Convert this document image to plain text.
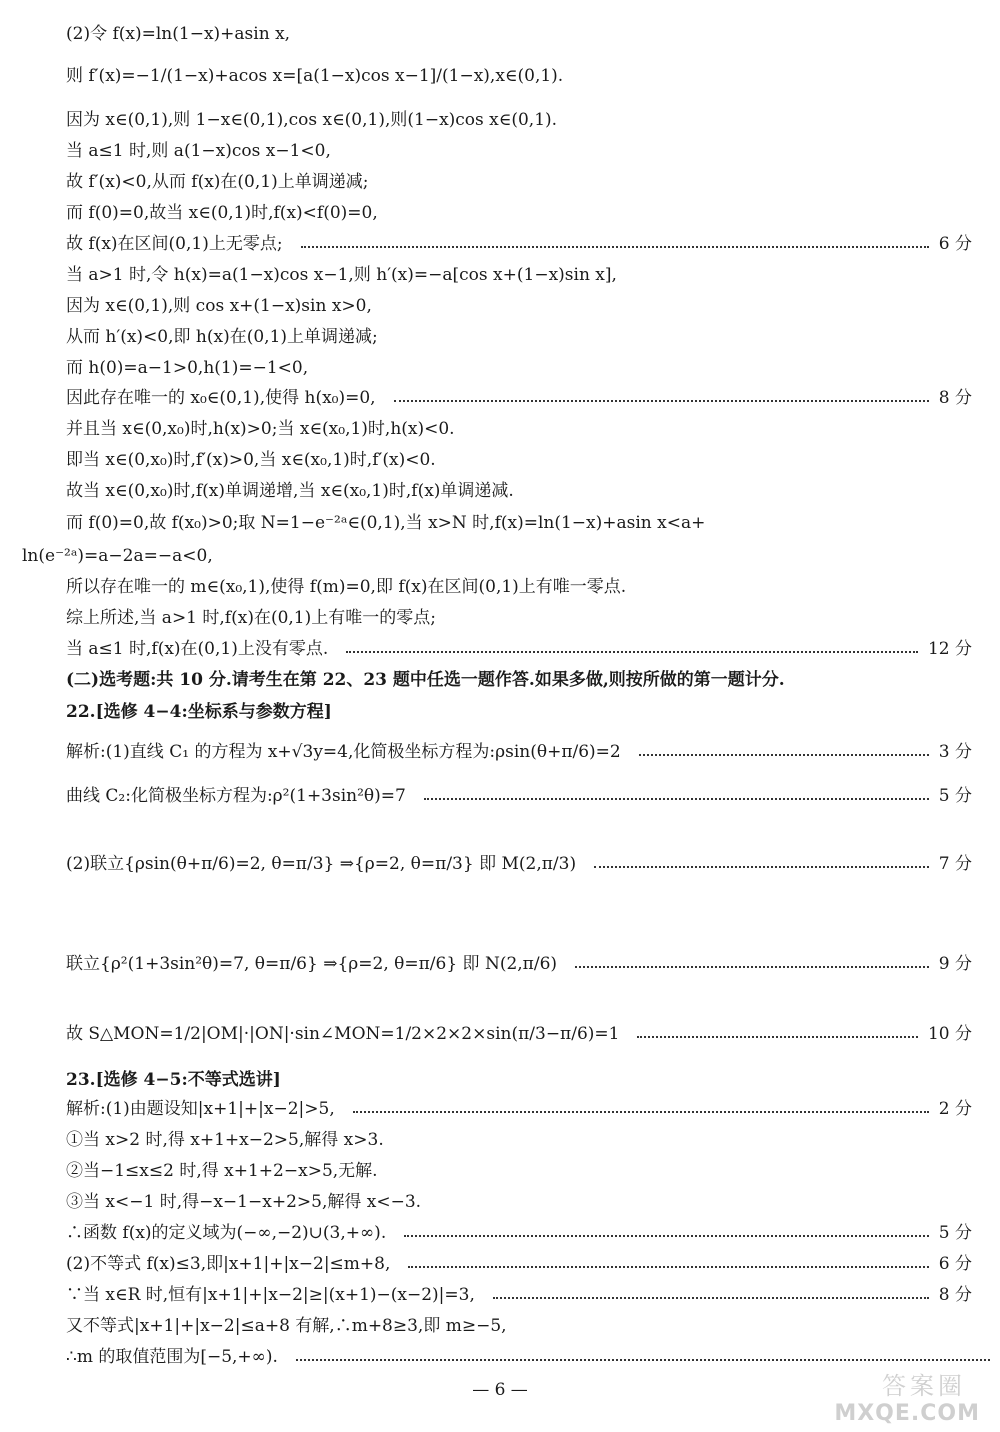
(2)令 f(x)=ln(1−x)+asin x,
则 f′(x)=−1/(1−x)+acos x=[a(1−x)cos x−1]/(1−x),x∈(0,1).
因为 x∈(0,1),则 1−x∈(0,1),cos x∈(0,1),则(1−x)cos x∈(0,1).
当 a≤1 时,则 a(1−x)cos x−1<0,
故 f′(x)<0,从而 f(x)在(0,1)上单调递减;
而 f(0)=0,故当 x∈(0,1)时,f(x)<f(0)=0,
故 f(x)在区间(0,1)上无零点;	6 分
当 a>1 时,令 h(x)=a(1−x)cos x−1,则 h′(x)=−a[cos x+(1−x)sin x],
因为 x∈(0,1),则 cos x+(1−x)sin x>0,
从而 h′(x)<0,即 h(x)在(0,1)上单调递减;
而 h(0)=a−1>0,h(1)=−1<0,
因此存在唯一的 x₀∈(0,1),使得 h(x₀)=0,	8 分
并且当 x∈(0,x₀)时,h(x)>0;当 x∈(x₀,1)时,h(x)<0.
即当 x∈(0,x₀)时,f′(x)>0,当 x∈(x₀,1)时,f′(x)<0.
故当 x∈(0,x₀)时,f(x)单调递增,当 x∈(x₀,1)时,f(x)单调递减.
而 f(0)=0,故 f(x₀)>0;取 N=1−e⁻²ᵃ∈(0,1),当 x>N 时,f(x)=ln(1−x)+asin x<a+
ln(e⁻²ᵃ)=a−2a=−a<0,
所以存在唯一的 m∈(x₀,1),使得 f(m)=0,即 f(x)在区间(0,1)上有唯一零点.
综上所述,当 a>1 时,f(x)在(0,1)上有唯一的零点;
当 a≤1 时,f(x)在(0,1)上没有零点.	12 分
(二)选考题:共 10 分.请考生在第 22、23 题中任选一题作答.如果多做,则按所做的第一题计分.
22.[选修 4−4:坐标系与参数方程]
解析:(1)直线 C₁ 的方程为 x+√3y=4,化简极坐标方程为:ρsin(θ+π/6)=2	3 分
曲线 C₂:化简极坐标方程为:ρ²(1+3sin²θ)=7	5 分
(2)联立{ρsin(θ+π/6)=2, θ=π/3} ⇒{ρ=2, θ=π/3} 即 M(2,π/3)	7 分
联立{ρ²(1+3sin²θ)=7, θ=π/6} ⇒{ρ=2, θ=π/6} 即 N(2,π/6)	9 分
故 S△MON=1/2|OM|·|ON|·sin∠MON=1/2×2×2×sin(π/3−π/6)=1	10 分
23.[选修 4−5:不等式选讲]
解析:(1)由题设知|x+1|+|x−2|>5,	2 分
①当 x>2 时,得 x+1+x−2>5,解得 x>3.
②当−1≤x≤2 时,得 x+1+2−x>5,无解.
③当 x<−1 时,得−x−1−x+2>5,解得 x<−3.
∴函数 f(x)的定义域为(−∞,−2)∪(3,+∞).	5 分
(2)不等式 f(x)≤3,即|x+1|+|x−2|≤m+8,	6 分
∵当 x∈R 时,恒有|x+1|+|x−2|≥|(x+1)−(x−2)|=3,	8 分
又不等式|x+1|+|x−2|≤a+8 有解,∴m+8≥3,即 m≥−5,
∴m 的取值范围为[−5,+∞).
— 6 —	答案圈
MXQE.COM
